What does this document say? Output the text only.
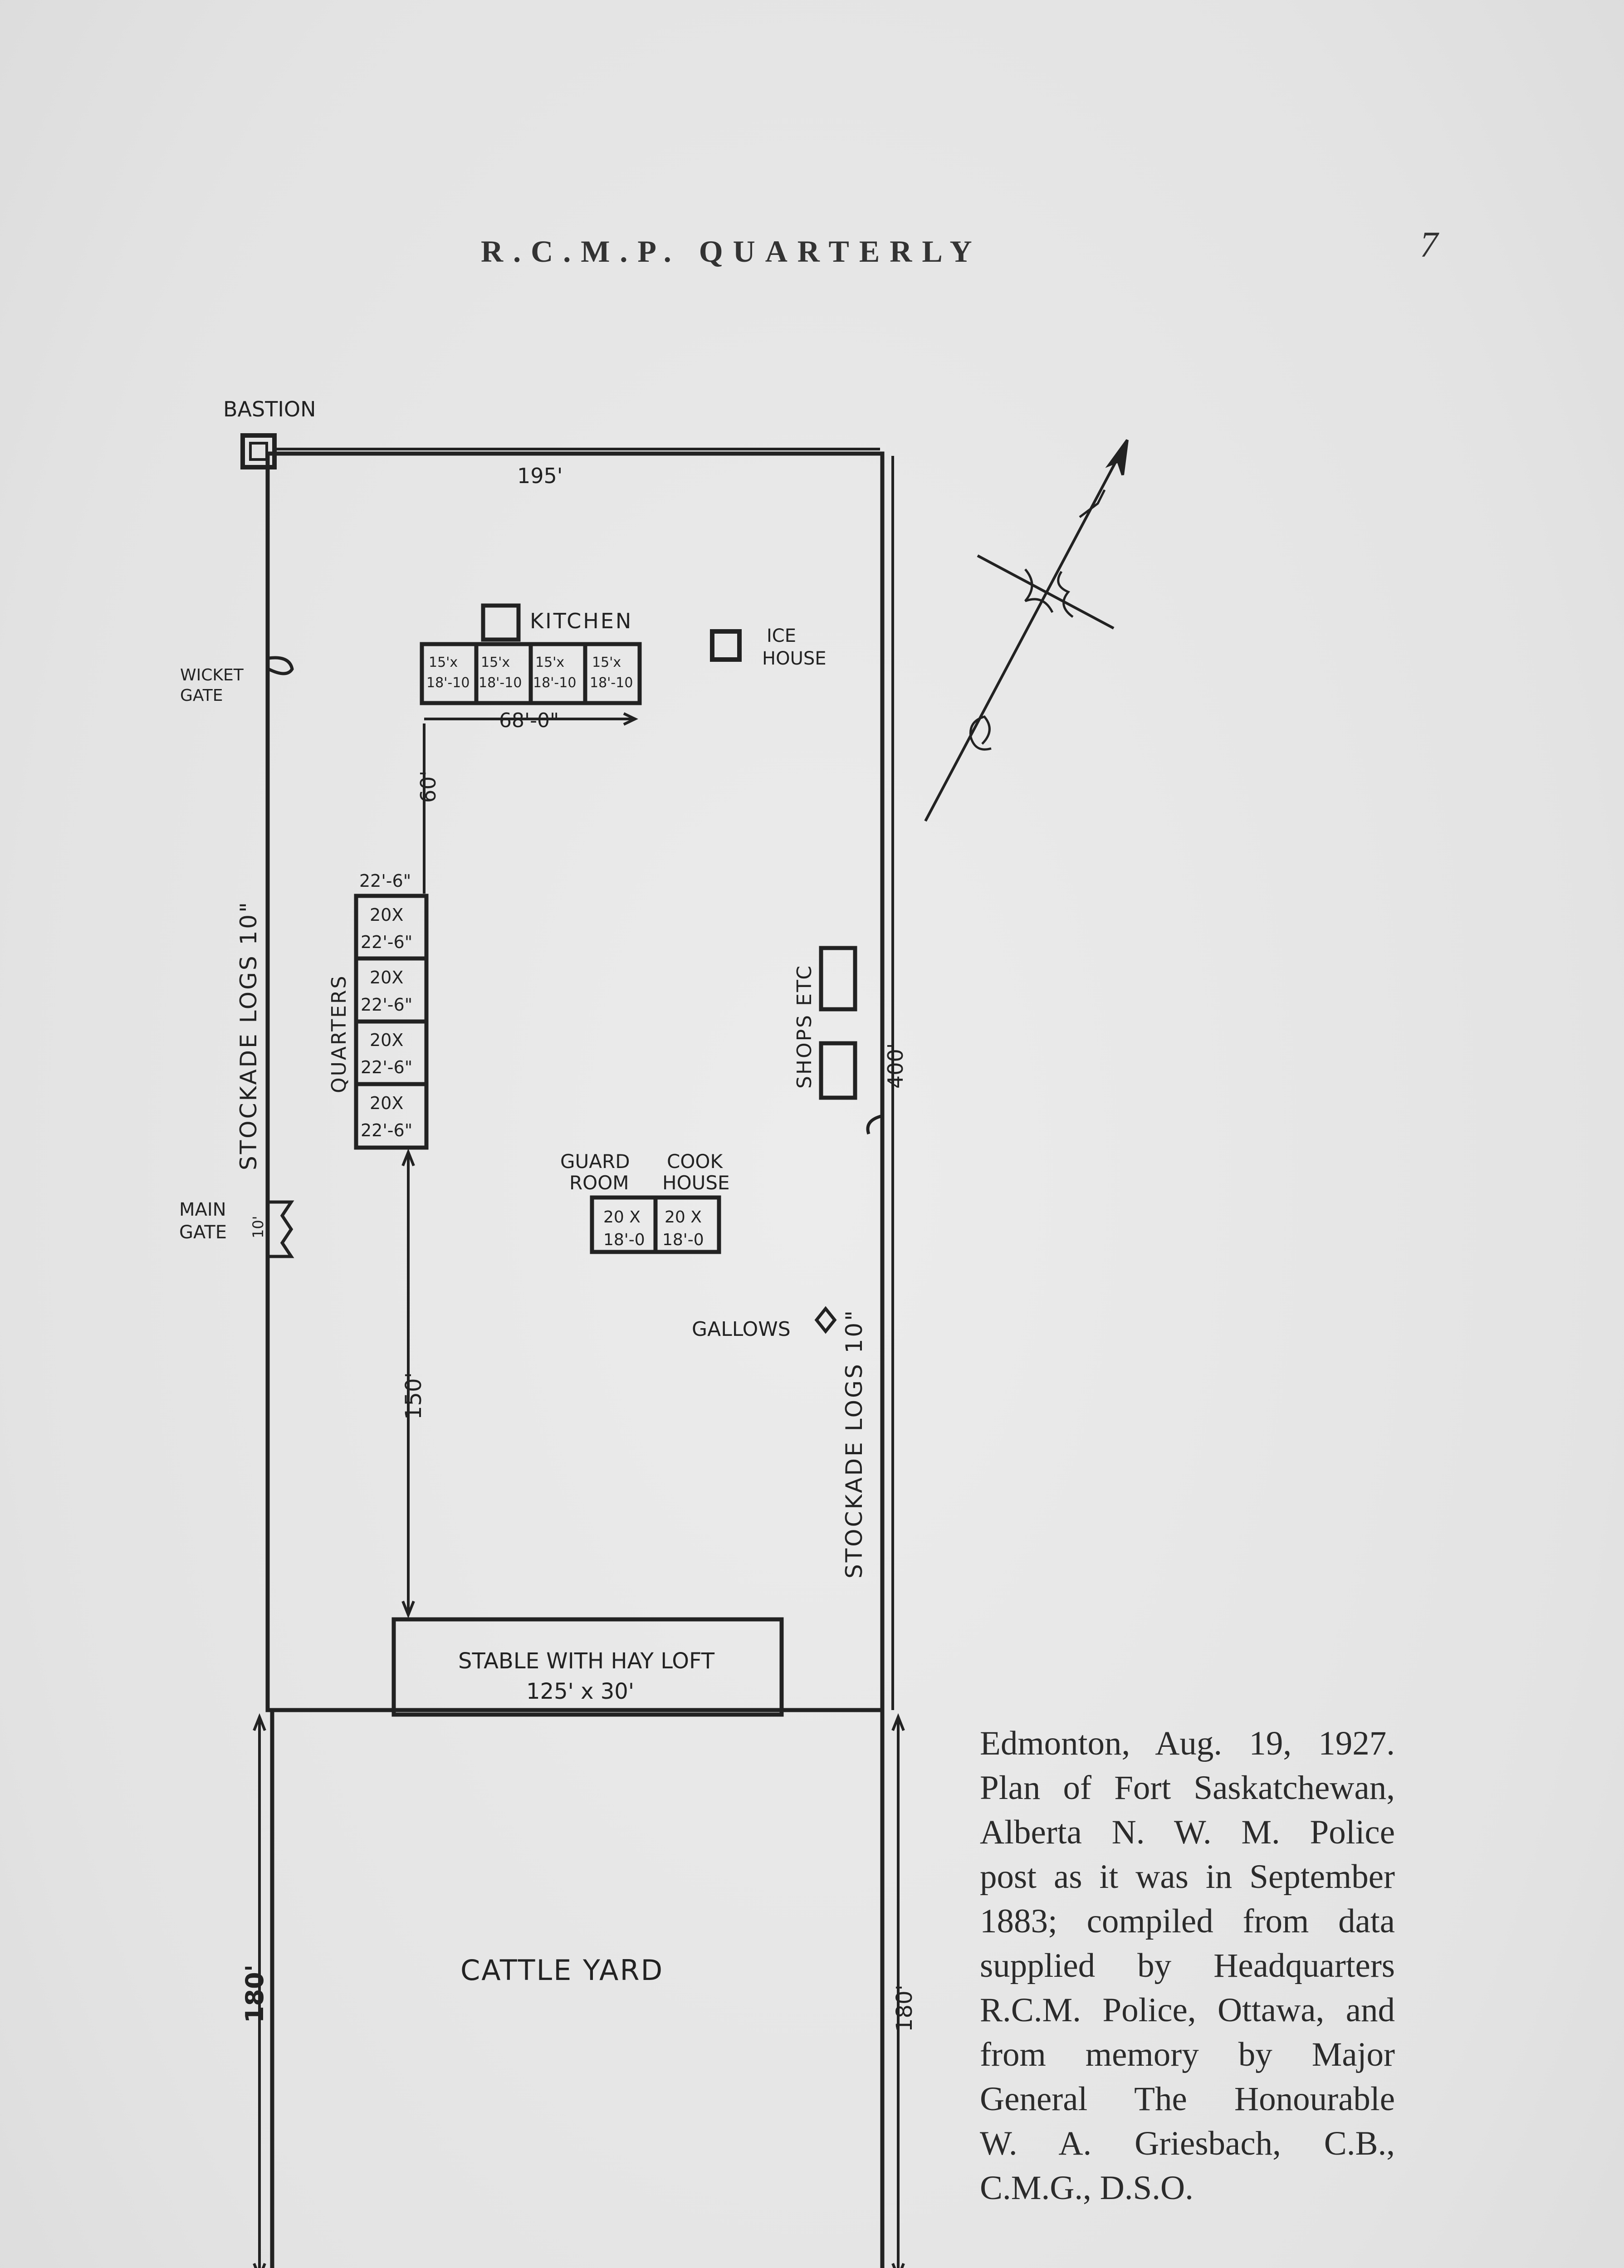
R.C.M.P. QUARTERLY	7
BASTION
195'
KITCHEN
ICE
HOUSE
WICKET
GATE
15'x
18'-10
15'x
18'-10
15'x
18'-10
15'x
18'-10
68'-0"
60'
22'-6"
QUARTERS
20X
22'-6"
20X
22'-6"
20X
22'-6"
20X
22'-6"
STOCKADE LOGS 10"
STOCKADE LOGS 10"
SHOPS ETC	400'
MAIN
GATE 10'
GUARD
ROOM
COOK
HOUSE
20 X
18'-0
20 X
18'-0
GALLOWS
150'
STABLE WITH HAY LOFT
125' x 30'
CATTLE YARD
180'	180'
Edmonton, Aug. 19, 1927.
Plan of Fort Saskatchewan,
Alberta N. W. M. Police
post as it was in September
1883; compiled from data
supplied by Headquarters
R.C.M. Police, Ottawa, and
from memory by Major
General The Honourable
W. A. Griesbach, C.B.,
C.M.G., D.S.O.
